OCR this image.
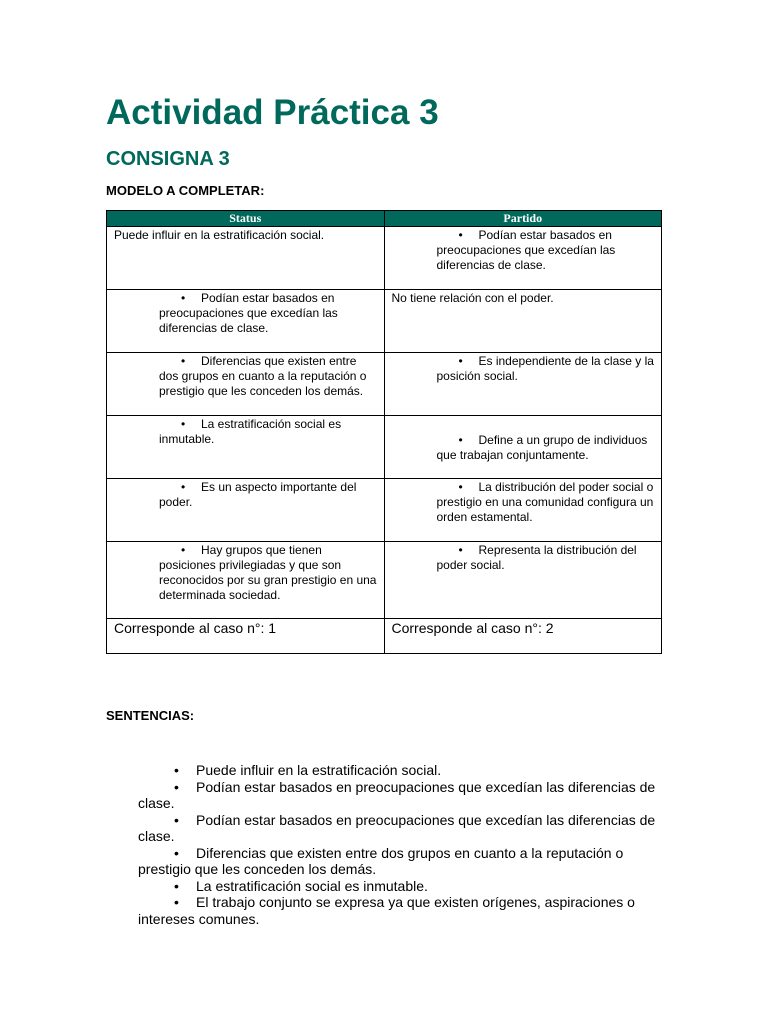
Actividad Práctica 3
CONSIGNA 3
MODELO A COMPLETAR:
Status	Partido
Puede influir en la estratificación social.	• Podían estar basados en preocupaciones que excedían las diferencias de clase.

• Podían estar basados en preocupaciones que excedían las diferencias de clase.	No tiene relación con el poder.

• Diferencias que existen entre dos grupos en cuanto a la reputación o prestigio que les conceden los demás.	• Es independiente de la clase y la posición social.

• La estratificación social es inmutable.	• Define a un grupo de individuos que trabajan conjuntamente.

• Es un aspecto importante del poder.	• La distribución del poder social o prestigio en una comunidad configura un orden estamental.

• Hay grupos que tienen posiciones privilegiadas y que son reconocidos por su gran prestigio en una determinada sociedad.	• Representa la distribución del poder social.

Corresponde al caso n°: 1	Corresponde al caso n°: 2
SENTENCIAS:
• Puede influir en la estratificación social.
• Podían estar basados en preocupaciones que excedían las diferencias de clase.
• Podían estar basados en preocupaciones que excedían las diferencias de clase.
• Diferencias que existen entre dos grupos en cuanto a la reputación o prestigio que les conceden los demás.
• La estratificación social es inmutable.
• El trabajo conjunto se expresa ya que existen orígenes, aspiraciones o intereses comunes.
